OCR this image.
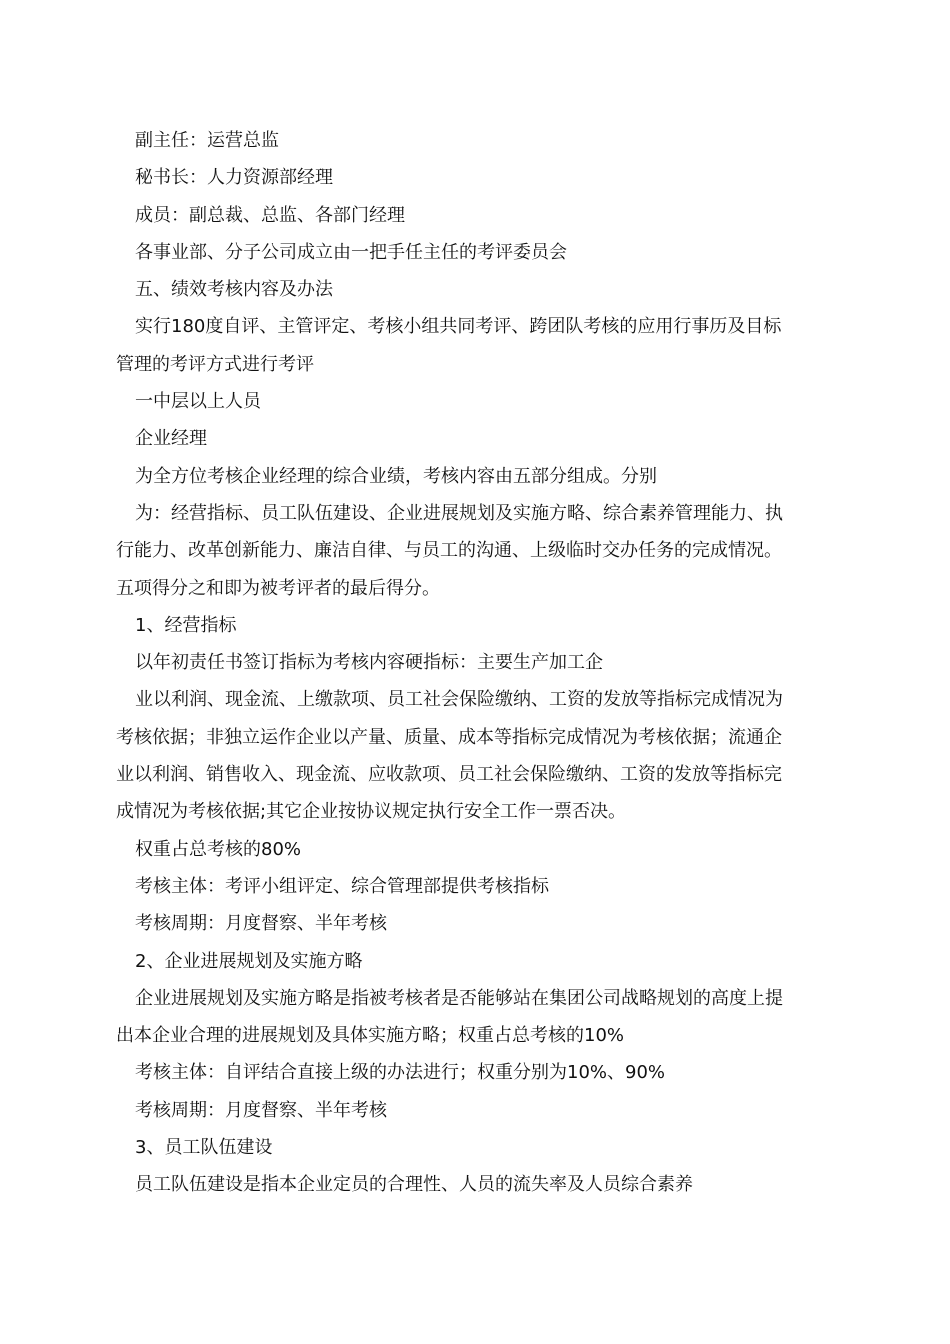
副主任：运营总监

秘书长：人力资源部经理

成员：副总裁、总监、各部门经理

各事业部、分子公司成立由一把手任主任的考评委员会

五、绩效考核内容及办法

实行180度自评、主管评定、考核小组共同考评、跨团队考核的应用行事历及目标

管理的考评方式进行考评

一中层以上人员

企业经理

为全方位考核企业经理的综合业绩，考核内容由五部分组成。分别

为：经营指标、员工队伍建设、企业进展规划及实施方略、综合素养管理能力、执

行能力、改革创新能力、廉洁自律、与员工的沟通、上级临时交办任务的完成情况。

五项得分之和即为被考评者的最后得分。

1、经营指标

以年初责任书签订指标为考核内容硬指标：主要生产加工企

业以利润、现金流、上缴款项、员工社会保险缴纳、工资的发放等指标完成情况为

考核依据；非独立运作企业以产量、质量、成本等指标完成情况为考核依据；流通企

业以利润、销售收入、现金流、应收款项、员工社会保险缴纳、工资的发放等指标完

成情况为考核依据;其它企业按协议规定执行安全工作一票否决。

权重占总考核的80%

考核主体：考评小组评定、综合管理部提供考核指标

考核周期：月度督察、半年考核

2、企业进展规划及实施方略

企业进展规划及实施方略是指被考核者是否能够站在集团公司战略规划的高度上提

出本企业合理的进展规划及具体实施方略；权重占总考核的10%

考核主体：自评结合直接上级的办法进行；权重分别为10%、90%

考核周期：月度督察、半年考核

3、员工队伍建设

员工队伍建设是指本企业定员的合理性、人员的流失率及人员综合素养
